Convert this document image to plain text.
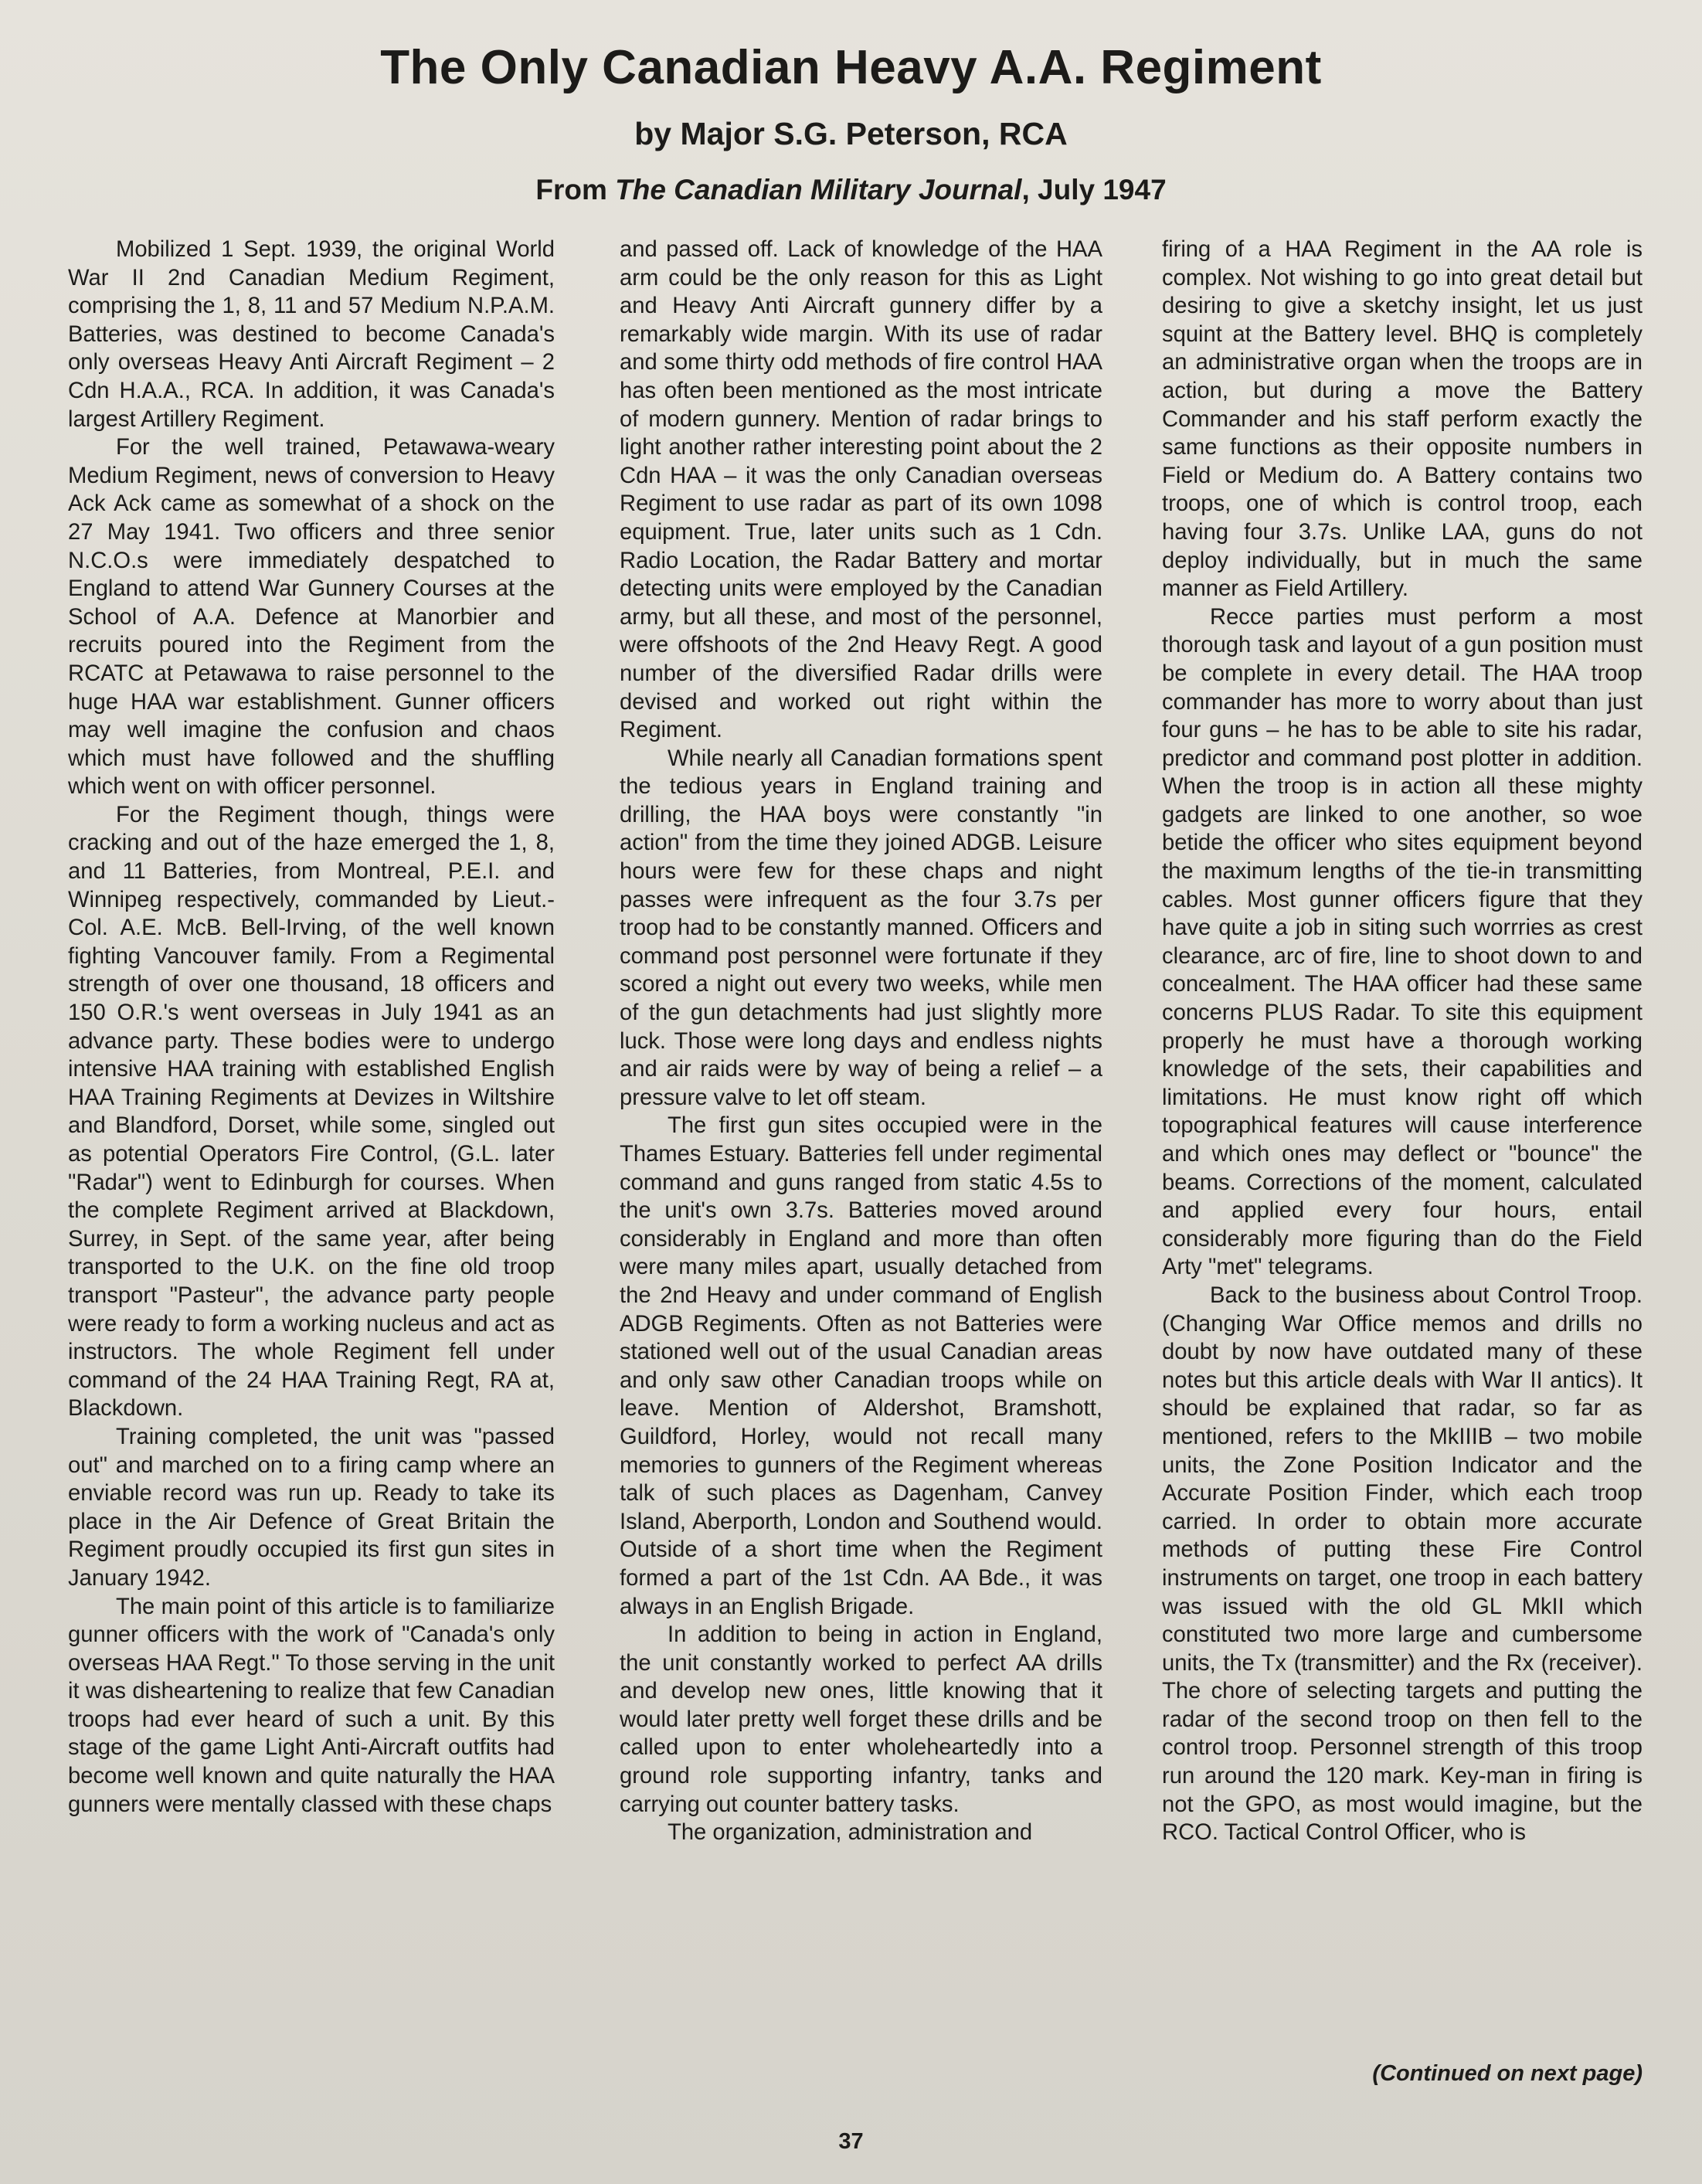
The Only Canadian Heavy A.A. Regiment
by Major S.G. Peterson, RCA
From The Canadian Military Journal, July 1947

Mobilized 1 Sept. 1939, the original World War II 2nd Canadian Medium Regiment, comprising the 1, 8, 11 and 57 Medium N.P.A.M. Batteries, was destined to become Canada's only overseas Heavy Anti Aircraft Regiment – 2 Cdn H.A.A., RCA. In addition, it was Canada's largest Artillery Regiment.

For the well trained, Petawawa-weary Medium Regiment, news of conversion to Heavy Ack Ack came as somewhat of a shock on the 27 May 1941. Two officers and three senior N.C.O.s were immediately despatched to England to attend War Gunnery Courses at the School of A.A. Defence at Manorbier and recruits poured into the Regiment from the RCATC at Petawawa to raise personnel to the huge HAA war establishment. Gunner officers may well imagine the confusion and chaos which must have followed and the shuffling which went on with officer personnel.

For the Regiment though, things were cracking and out of the haze emerged the 1, 8, and 11 Batteries, from Montreal, P.E.I. and Winnipeg respectively, commanded by Lieut.-Col. A.E. McB. Bell-Irving, of the well known fighting Vancouver family. From a Regimental strength of over one thousand, 18 officers and 150 O.R.'s went overseas in July 1941 as an advance party. These bodies were to undergo intensive HAA training with established English HAA Training Regiments at Devizes in Wiltshire and Blandford, Dorset, while some, singled out as potential Operators Fire Control, (G.L. later "Radar") went to Edinburgh for courses. When the complete Regiment arrived at Blackdown, Surrey, in Sept. of the same year, after being transported to the U.K. on the fine old troop transport "Pasteur", the advance party people were ready to form a working nucleus and act as instructors. The whole Regiment fell under command of the 24 HAA Training Regt, RA at, Blackdown.

Training completed, the unit was "passed out" and marched on to a firing camp where an enviable record was run up. Ready to take its place in the Air Defence of Great Britain the Regiment proudly occupied its first gun sites in January 1942.

The main point of this article is to familiarize gunner officers with the work of "Canada's only overseas HAA Regt." To those serving in the unit it was disheartening to realize that few Canadian troops had ever heard of such a unit. By this stage of the game Light Anti-Aircraft outfits had become well known and quite naturally the HAA gunners were mentally classed with these chaps

and passed off. Lack of knowledge of the HAA arm could be the only reason for this as Light and Heavy Anti Aircraft gunnery differ by a remarkably wide margin. With its use of radar and some thirty odd methods of fire control HAA has often been mentioned as the most intricate of modern gunnery. Mention of radar brings to light another rather interesting point about the 2 Cdn HAA – it was the only Canadian overseas Regiment to use radar as part of its own 1098 equipment. True, later units such as 1 Cdn. Radio Location, the Radar Battery and mortar detecting units were employed by the Canadian army, but all these, and most of the personnel, were offshoots of the 2nd Heavy Regt. A good number of the diversified Radar drills were devised and worked out right within the Regiment.

While nearly all Canadian formations spent the tedious years in England training and drilling, the HAA boys were constantly "in action" from the time they joined ADGB. Leisure hours were few for these chaps and night passes were infrequent as the four 3.7s per troop had to be constantly manned. Officers and command post personnel were fortunate if they scored a night out every two weeks, while men of the gun detachments had just slightly more luck. Those were long days and endless nights and air raids were by way of being a relief – a pressure valve to let off steam.

The first gun sites occupied were in the Thames Estuary. Batteries fell under regimental command and guns ranged from static 4.5s to the unit's own 3.7s. Batteries moved around considerably in England and more than often were many miles apart, usually detached from the 2nd Heavy and under command of English ADGB Regiments. Often as not Batteries were stationed well out of the usual Canadian areas and only saw other Canadian troops while on leave. Mention of Aldershot, Bramshott, Guildford, Horley, would not recall many memories to gunners of the Regiment whereas talk of such places as Dagenham, Canvey Island, Aberporth, London and Southend would. Outside of a short time when the Regiment formed a part of the 1st Cdn. AA Bde., it was always in an English Brigade.

In addition to being in action in England, the unit constantly worked to perfect AA drills and develop new ones, little knowing that it would later pretty well forget these drills and be called upon to enter wholeheartedly into a ground role supporting infantry, tanks and carrying out counter battery tasks.

The organization, administration and

firing of a HAA Regiment in the AA role is complex. Not wishing to go into great detail but desiring to give a sketchy insight, let us just squint at the Battery level. BHQ is completely an administrative organ when the troops are in action, but during a move the Battery Commander and his staff perform exactly the same functions as their opposite numbers in Field or Medium do. A Battery contains two troops, one of which is control troop, each having four 3.7s. Unlike LAA, guns do not deploy individually, but in much the same manner as Field Artillery.

Recce parties must perform a most thorough task and layout of a gun position must be complete in every detail. The HAA troop commander has more to worry about than just four guns – he has to be able to site his radar, predictor and command post plotter in addition. When the troop is in action all these mighty gadgets are linked to one another, so woe betide the officer who sites equipment beyond the maximum lengths of the tie-in transmitting cables. Most gunner officers figure that they have quite a job in siting such worrries as crest clearance, arc of fire, line to shoot down to and concealment. The HAA officer had these same concerns PLUS Radar. To site this equipment properly he must have a thorough working knowledge of the sets, their capabilities and limitations. He must know right off which topographical features will cause interference and which ones may deflect or "bounce" the beams. Corrections of the moment, calculated and applied every four hours, entail considerably more figuring than do the Field Arty "met" telegrams.

Back to the business about Control Troop. (Changing War Office memos and drills no doubt by now have outdated many of these notes but this article deals with War II antics). It should be explained that radar, so far as mentioned, refers to the MkIIIB – two mobile units, the Zone Position Indicator and the Accurate Position Finder, which each troop carried. In order to obtain more accurate methods of putting these Fire Control instruments on target, one troop in each battery was issued with the old GL MkII which constituted two more large and cumbersome units, the Tx (transmitter) and the Rx (receiver). The chore of selecting targets and putting the radar of the second troop on then fell to the control troop. Personnel strength of this troop run around the 120 mark. Key-man in firing is not the GPO, as most would imagine, but the RCO. Tactical Control Officer, who is

(Continued on next page)
37
